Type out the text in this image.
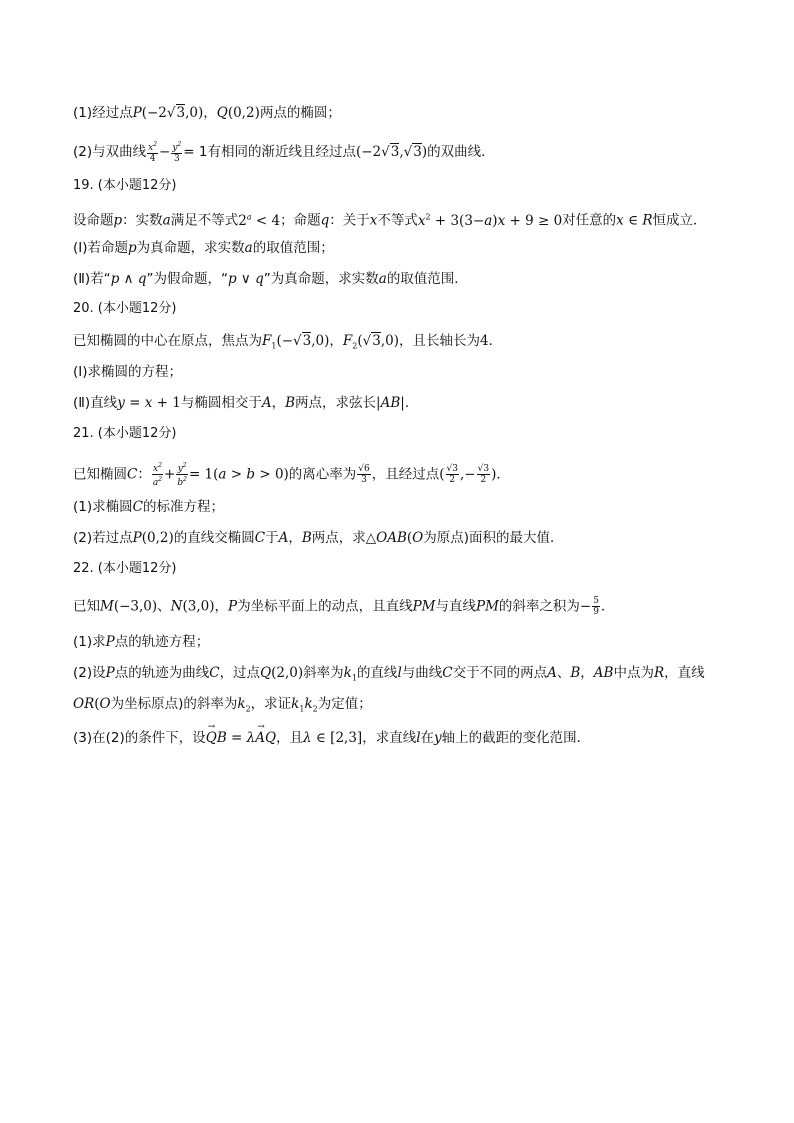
(1)经过点P(−2√3,0)，Q(0,2)两点的椭圆；
(2)与双曲线 $\frac{x^2}{4} - \frac{y^2}{3} = 1$有相同的渐近线且经过点(−2√3,√3)的双曲线．
19. (本小题12分)
设命题p：实数a满足不等式$2^a < 4$；命题q：关于x不等式$x^2 + 3(3-a)x + 9 \ge 0$对任意的x ∈ R恒成立．
(Ⅰ)若命题p为真命题，求实数a的取值范围；
(Ⅱ)若“p ∧ q”为假命题，“p ∨ q”为真命题，求实数a的取值范围．
20. (本小题12分)
已知椭圆的中心在原点，焦点为$F_1(-√3,0)$，$F_2(√3,0)$，且长轴长为4．
(Ⅰ)求椭圆的方程；
(Ⅱ)直线y = x + 1与椭圆相交于A，B两点，求弦长|AB|．
21. (本小题12分)
已知椭圆C： $\frac{x^2}{a^2} + \frac{y^2}{b^2} = 1(a > b > 0)$的离心率为 $\frac{√6}{3}$ ，且经过点( $\frac{√3}{2}$ ,− $\frac{√3}{2}$ )．
(1)求椭圆C的标准方程；
(2)若过点P(0,2)的直线交椭圆C于A，B两点，求△OAB(O为原点)面积的最大值．
22. (本小题12分)
已知M(−3,0)、N(3,0)，P为坐标平面上的动点，且直线PM与直线PM的斜率之积为− $\frac{5}{9}$ ．
(1)求P点的轨迹方程；
(2)设P点的轨迹为曲线C，过点Q(2,0)斜率为$k_1$的直线l与曲线C交于不同的两点A、B，AB中点为R，直线
OR(O为坐标原点)的斜率为$k_2$，求证$k_1k_2$为定值；
(3)在(2)的条件下，设→ QB = λ→ AQ，且λ ∈ [2,3]，求直线l在y轴上的截距的变化范围．
